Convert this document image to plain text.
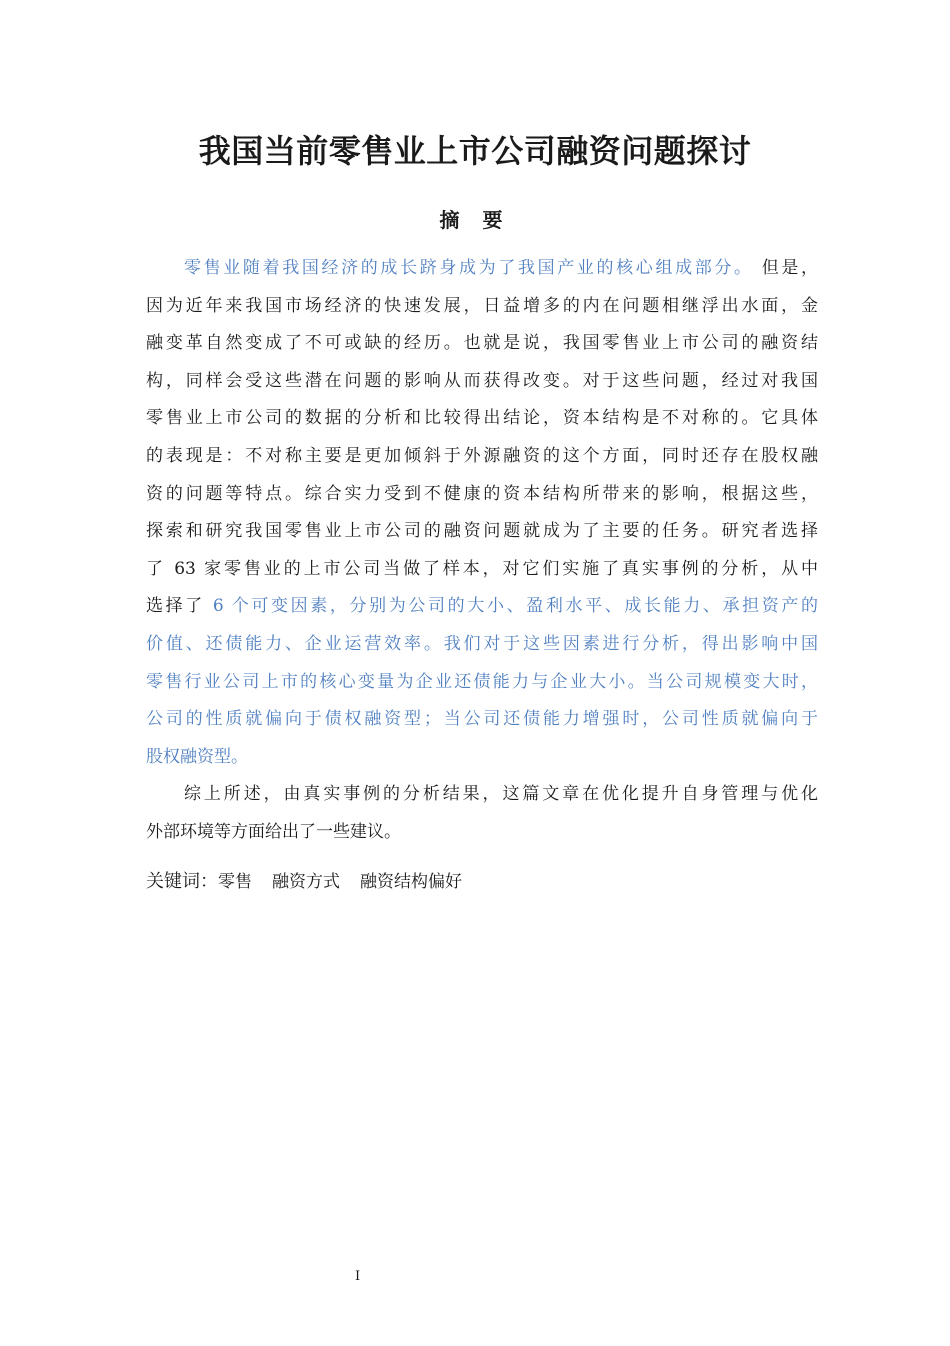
我国当前零售业上市公司融资问题探讨
摘 要
零售业随着我国经济的成长跻身成为了我国产业的核心组成部分。 但是，
因为近年来我国市场经济的快速发展，日益增多的内在问题相继浮出水面，金
融变革自然变成了不可或缺的经历。也就是说，我国零售业上市公司的融资结
构，同样会受这些潜在问题的影响从而获得改变。对于这些问题，经过对我国
零售业上市公司的数据的分析和比较得出结论，资本结构是不对称的。它具体
的表现是：不对称主要是更加倾斜于外源融资的这个方面，同时还存在股权融
资的问题等特点。综合实力受到不健康的资本结构所带来的影响，根据这些，
探索和研究我国零售业上市公司的融资问题就成为了主要的任务。研究者选择
了 63 家零售业的上市公司当做了样本，对它们实施了真实事例的分析，从中
选择了 6 个可变因素，分别为公司的大小、盈利水平、成长能力、承担资产的
价值、还债能力、企业运营效率。我们对于这些因素进行分析，得出影响中国
零售行业公司上市的核心变量为企业还债能力与企业大小。当公司规模变大时，
公司的性质就偏向于债权融资型；当公司还债能力增强时，公司性质就偏向于
股权融资型。
综上所述，由真实事例的分析结果，这篇文章在优化提升自身管理与优化
外部环境等方面给出了一些建议。
关键词：零售 融资方式 融资结构偏好
I
